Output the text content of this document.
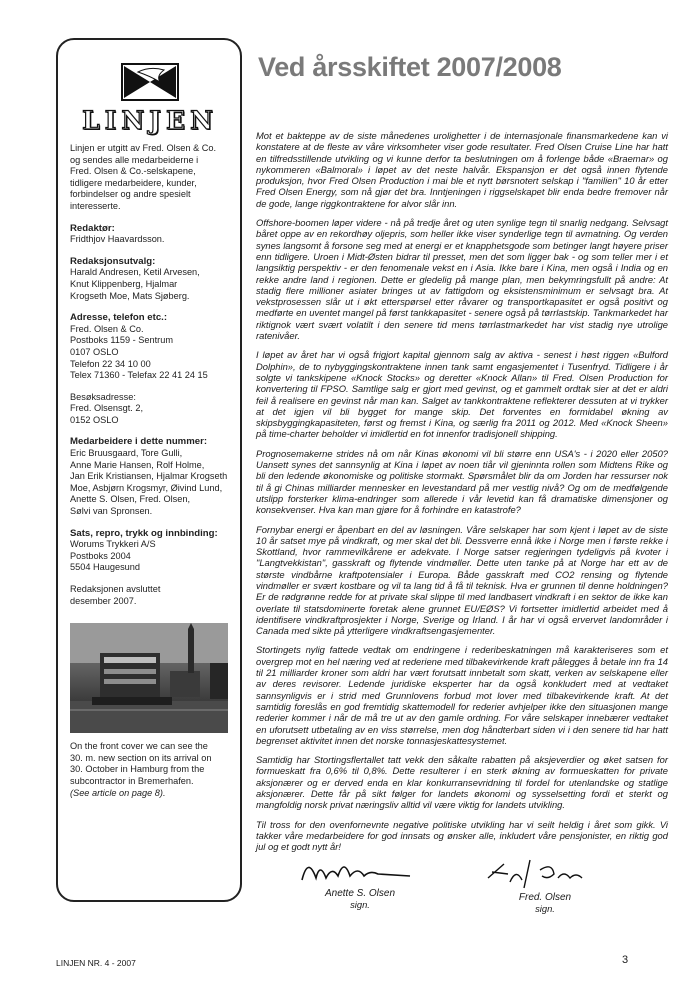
LINJEN
Linjen er utgitt av Fred. Olsen & Co.
og sendes alle medarbeiderne i
Fred. Olsen & Co.-selskapene,
tidligere medarbeidere, kunder,
forbindelser og andre spesielt
interesserte.
Redaktør:
Fridthjov Haavardsson.
Redaksjonsutvalg:
Harald Andresen, Ketil Arvesen,
Knut Klippenberg, Hjalmar
Krogseth Moe, Mats Sjøberg.
Adresse, telefon etc.:
Fred. Olsen & Co.
Postboks 1159 - Sentrum
0107 OSLO
Telefon 22 34 10 00
Telex 71360 - Telefax 22 41 24 15
Besøksadresse:
Fred. Olsensgt. 2,
0152 OSLO
Medarbeidere i dette nummer:
Eric Bruusgaard, Tore Gulli,
Anne Marie Hansen, Rolf Holme,
Jan Erik Kristiansen, Hjalmar Krogseth
Moe, Asbjørn Krogsmyr, Øivind Lund,
Anette S. Olsen, Fred. Olsen,
Sølvi van Spronsen.
Sats, repro, trykk og innbinding:
Worums Trykkeri A/S
Postboks 2004
5504 Haugesund
Redaksjonen avsluttet
desember 2007.
On the front cover we can see the
30. m. new section on its arrival on
30. October in Hamburg from the
subcontractor in Bremerhafen.
(See article on page 8).
Ved årsskiftet 2007/2008

Mot et bakteppe av de siste månedenes urolighetter i de internasjonale finansmarkedene kan vi konstatere at de fleste av våre virksomheter viser gode resultater. Fred Olsen Cruise Line har hatt en tilfredsstillende utvikling og vi kunne derfor ta beslutningen om å forlenge både «Braemar» og nykommeren «Balmoral» i løpet av det neste halvår. Ekspansjon er det også innen flytende produksjon, hvor Fred Olsen Production i mai ble et nytt børsnotert selskap i "familien" 10 år etter Fred Olsen Energy, som nå gjør det bra. Inntjeningen i riggselskapet blir enda bedre fremover når de gode, lange riggkontraktene for alvor slår inn.

Offshore-boomen løper videre - nå på tredje året og uten synlige tegn til snarlig nedgang. Selvsagt båret oppe av en rekordhøy oljepris, som heller ikke viser synderlige tegn til avmatning. Og verden synes langsomt å forsone seg med at energi er et knapphetsgode som betinger langt høyere priser enn tidligere. Uroen i Midt-Østen bidrar til presset, men det som ligger bak - og som teller mer i et langsiktig perspektiv - er den fenomenale vekst en i Asia. Ikke bare i Kina, men også i India og en rekke andre land i regionen. Dette er gledelig på mange plan, men bekymringsfullt på andre: At stadig flere millioner asiater bringes ut av fattigdom og eksistensminimum er selvsagt bra. At vekstprosessen slår ut i økt etterspørsel etter råvarer og transportkapasitet er også positivt og medførte en uventet mangel på først tankkapasitet - senere også på tørrlastskip. Tankmarkedet har riktignok vært svært volatilt i den senere tid mens tørrlastmarkedet har vist stadig nye utrolige ratenivåer.

I løpet av året har vi også frigjort kapital gjennom salg av aktiva - senest i høst riggen «Bulford Dolphin», de to nybyggingskontraktene innen tank samt engasjementet i Tusenfryd. Tidligere i år solgte vi tankskipene «Knock Stocks» og deretter «Knock Allan» til Fred. Olsen Production for konvertering til FPSO. Samtlige salg er gjort med gevinst, og et gammelt ordtak sier at det er aldri feil å realisere en gevinst når man kan. Salget av tankkontraktene reflekterer dessuten at vi trykker at det igjen vil bli bygget for mange skip. Det forventes en formidabel økning av skipsbyggingkapasiteten, først og fremst i Kina, og særlig fra 2011 og 2012. Med «Knock Sheen» på time-charter beholder vi imidlertid en fot innenfor tradisjonell shipping.

Prognosemakerne strides nå om når Kinas økonomi vil bli større enn USA's - i 2020 eller 2050? Uansett synes det sannsynlig at Kina i løpet av noen tiår vil gjeninnta rollen som Midtens Rike og bli den ledende økonomiske og politiske stormakt. Spørsmålet blir da om Jorden har ressurser nok til å gi Chinas milliarder mennesker en levestandard på mer vestlig nivå? Og om de medfølgende utslipp forsterker klima-endringer som allerede i vår levetid kan få dramatiske dimensjoner og konsekvenser. Hva kan man gjøre for å forhindre en katastrofe?

Fornybar energi er åpenbart en del av løsningen. Våre selskaper har som kjent i løpet av de siste 10 år satset mye på vindkraft, og mer skal det bli. Dessverre ennå ikke i Norge men i første rekke i Skottland, hvor rammevilkårene er adekvate. I Norge satser regjeringen tydeligvis på kvoter i "Langtvekkistan", gasskraft og flytende vindmøller. Dette uten tanke på at Norge har ett av de største vindbårne kraftpotensialer i Europa. Både gasskraft med CO2 rensing og flytende vindmøller er svært kostbare og vil ta lang tid å få til teknisk. Hva er grunnen til denne holdningen? Er de rødgrønne redde for at private skal slippe til med landbasert vindkraft i en sektor de ikke kan overlate til statsdominerte foretak alene grunnet EU/EØS? Vi fortsetter imidlertid arbeidet med å identifisere vindkraftprosjekter i Norge, Sverige og Irland. I år har vi også ervervet landområder i Canada med sikte på ytterligere vindkraftsengasjementer.

Stortingets nylig fattede vedtak om endringene i rederibeskatningen må karakteriseres som et overgrep mot en hel næring ved at rederiene med tilbakevirkende kraft pålegges å betale inn fra 14 til 21 milliarder kroner som aldri har vært forutsatt innbetalt som skatt, verken av selskapene eller av deres revisorer. Ledende juridiske eksperter har da også konkludert med at vedtaket sannsynligvis er i strid med Grunnlovens forbud mot lover med tilbakevirkende kraft. At det samtidig foreslås en god fremtidig skattemodell for rederier avhjelper ikke den situasjonen mange rederier kommer i når de må tre ut av den gamle ordning. For våre selskaper innebærer vedtaket en uforutsett utbetaling av en viss størrelse, men dog håndterbart siden vi i den senere tid har hatt begrenset aktivitet innen det norske tonnasjeskattesystemet.

Samtidig har Stortingsflertallet tatt vekk den såkalte rabatten på aksjeverdier og øket satsen for formueskatt fra 0,6% til 0,8%. Dette resulterer i en sterk økning av formueskatten for private aksjonærer og er derved enda en klar konkurransevridning til fordel for utenlandske og statlige aksjonærer. Dette får på sikt følger for landets økonomi og sysselsetting fordi et sterkt og mangfoldig norsk privat næringsliv alltid vil være viktig for landets utvikling.

Til tross for den ovenfornevnte negative politiske utvikling har vi seilt heldig i året som gikk. Vi takker våre medarbeidere for god innsats og ønsker alle, inkludert våre pensjonister, en riktig god jul og et godt nytt år!

Anette S. Olsen
sign.
Fred. Olsen
sign.
LINJEN NR. 4 - 2007	3
